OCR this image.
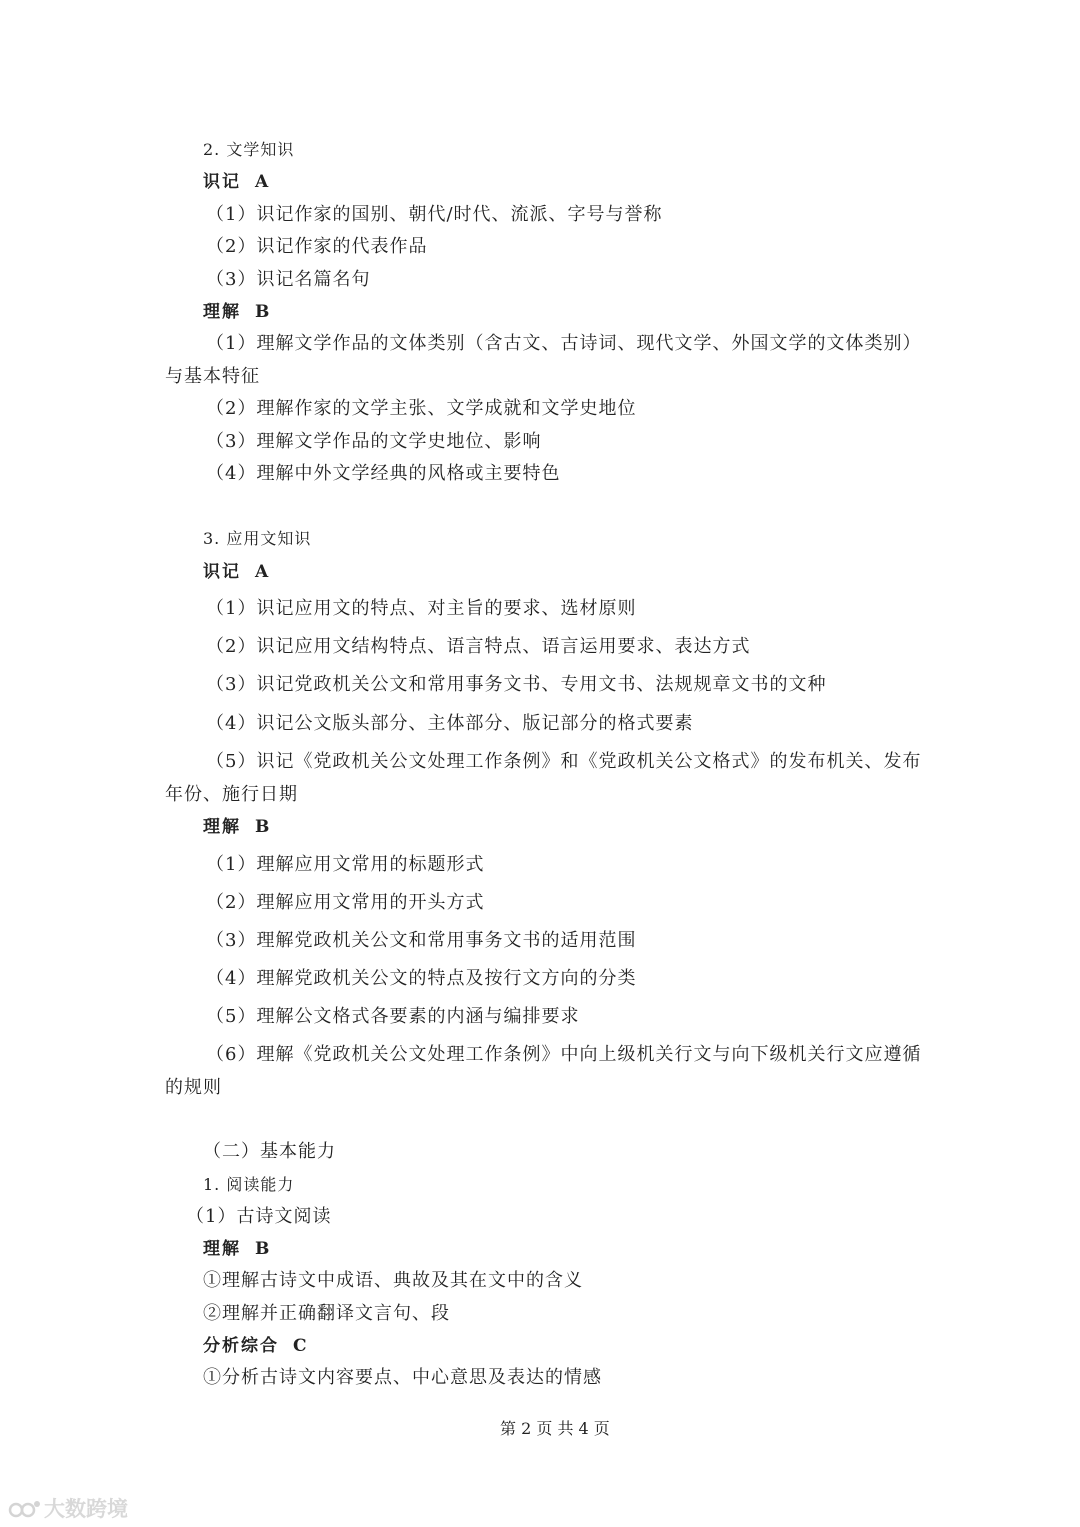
2. 文学知识
识记 A
（1）识记作家的国别、朝代/时代、流派、字号与誉称
（2）识记作家的代表作品
（3）识记名篇名句
理解 B
（1）理解文学作品的文体类别（含古文、古诗词、现代文学、外国文学的文体类别）
与基本特征
（2）理解作家的文学主张、文学成就和文学史地位
（3）理解文学作品的文学史地位、影响
（4）理解中外文学经典的风格或主要特色
3. 应用文知识
识记 A
（1）识记应用文的特点、对主旨的要求、选材原则
（2）识记应用文结构特点、语言特点、语言运用要求、表达方式
（3）识记党政机关公文和常用事务文书、专用文书、法规规章文书的文种
（4）识记公文版头部分、主体部分、版记部分的格式要素
（5）识记《党政机关公文处理工作条例》和《党政机关公文格式》的发布机关、发布
年份、施行日期
理解 B
（1）理解应用文常用的标题形式
（2）理解应用文常用的开头方式
（3）理解党政机关公文和常用事务文书的适用范围
（4）理解党政机关公文的特点及按行文方向的分类
（5）理解公文格式各要素的内涵与编排要求
（6）理解《党政机关公文处理工作条例》中向上级机关行文与向下级机关行文应遵循
的规则
（二）基本能力
1. 阅读能力
（1）古诗文阅读
理解 B
①理解古诗文中成语、典故及其在文中的含义
②理解并正确翻译文言句、段
分析综合 C
①分析古诗文内容要点、中心意思及表达的情感
第 2 页 共 4 页
大数跨境
